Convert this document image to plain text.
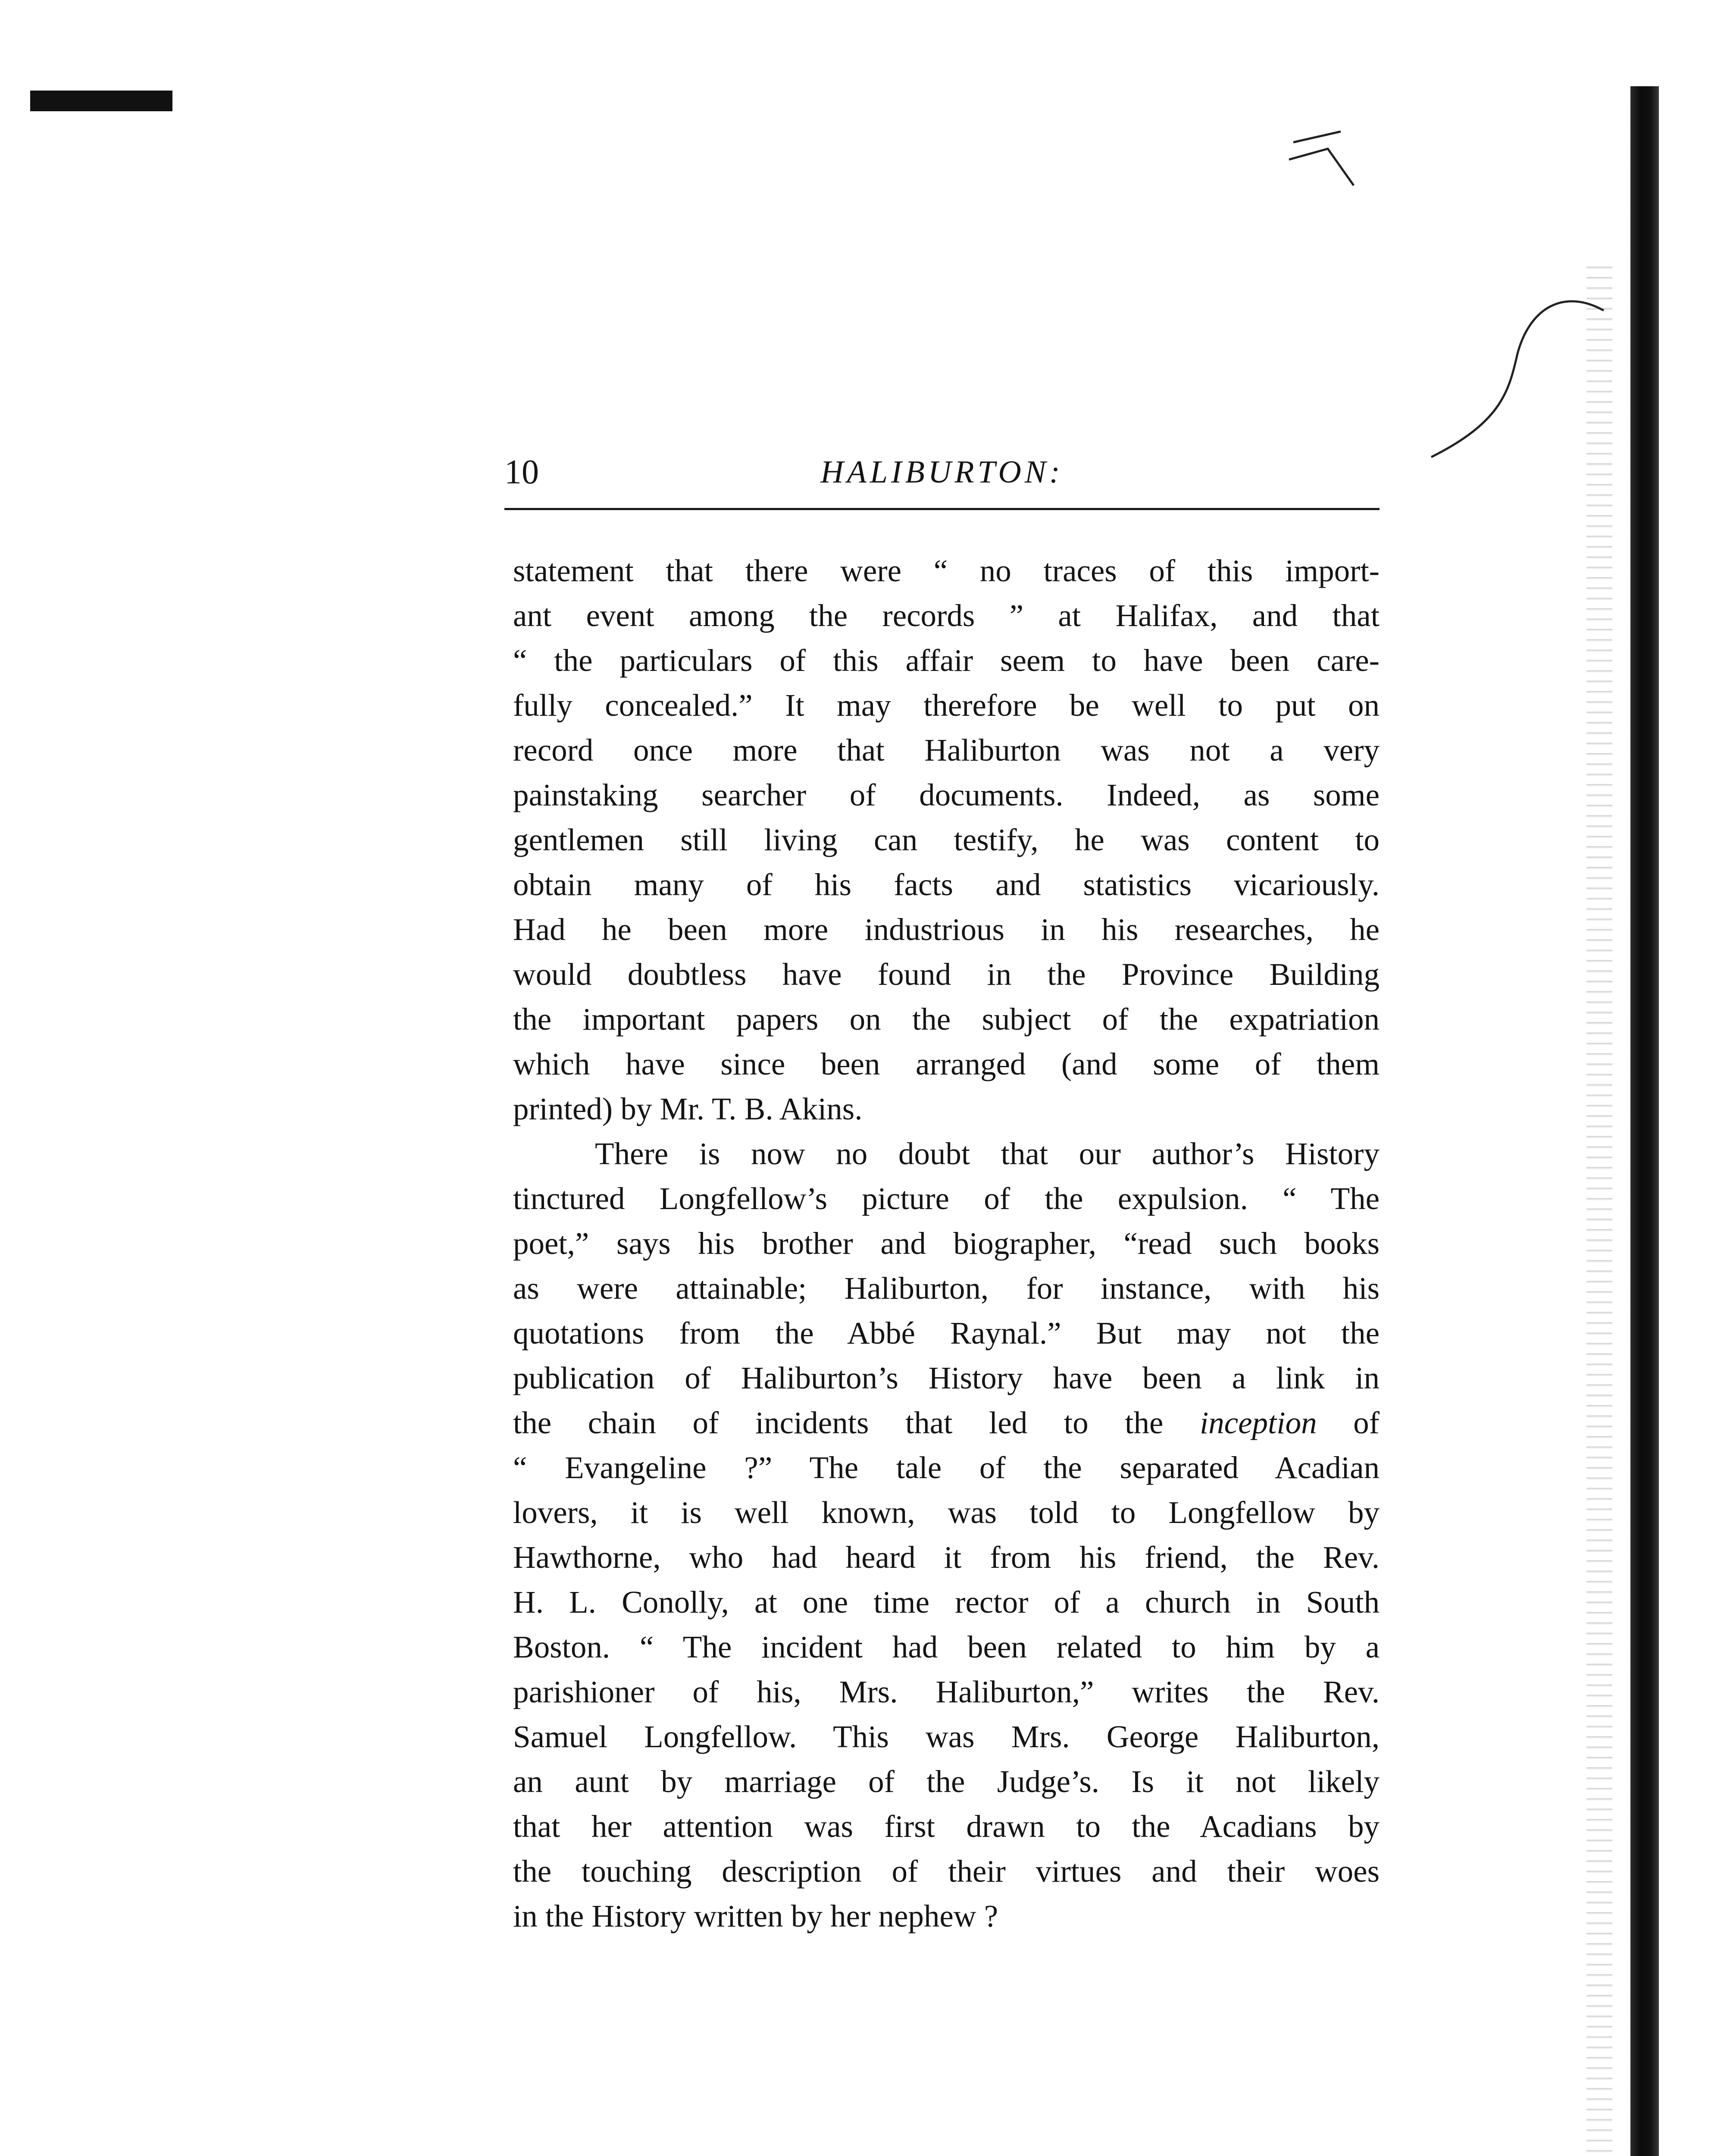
10	HALIBURTON:
statement that there were “ no traces of this import-
ant event among the records ” at Halifax, and that
“ the particulars of this affair seem to have been care-
fully concealed.” It may therefore be well to put on
record once more that Haliburton was not a very
painstaking searcher of documents. Indeed, as some
gentlemen still living can testify, he was content to
obtain many of his facts and statistics vicariously.
Had he been more industrious in his researches, he
would doubtless have found in the Province Building
the important papers on the subject of the expatriation
which have since been arranged (and some of them
printed) by Mr. T. B. Akins.
There is now no doubt that our author’s History
tinctured Longfellow’s picture of the expulsion. “ The
poet,” says his brother and biographer, “read such books
as were attainable; Haliburton, for instance, with his
quotations from the Abbé Raynal.” But may not the
publication of Haliburton’s History have been a link in
the chain of incidents that led to the inception of
“ Evangeline ?” The tale of the separated Acadian
lovers, it is well known, was told to Longfellow by
Hawthorne, who had heard it from his friend, the Rev.
H. L. Conolly, at one time rector of a church in South
Boston. “ The incident had been related to him by a
parishioner of his, Mrs. Haliburton,” writes the Rev.
Samuel Longfellow. This was Mrs. George Haliburton,
an aunt by marriage of the Judge’s. Is it not likely
that her attention was first drawn to the Acadians by
the touching description of their virtues and their woes
in the History written by her nephew ?
